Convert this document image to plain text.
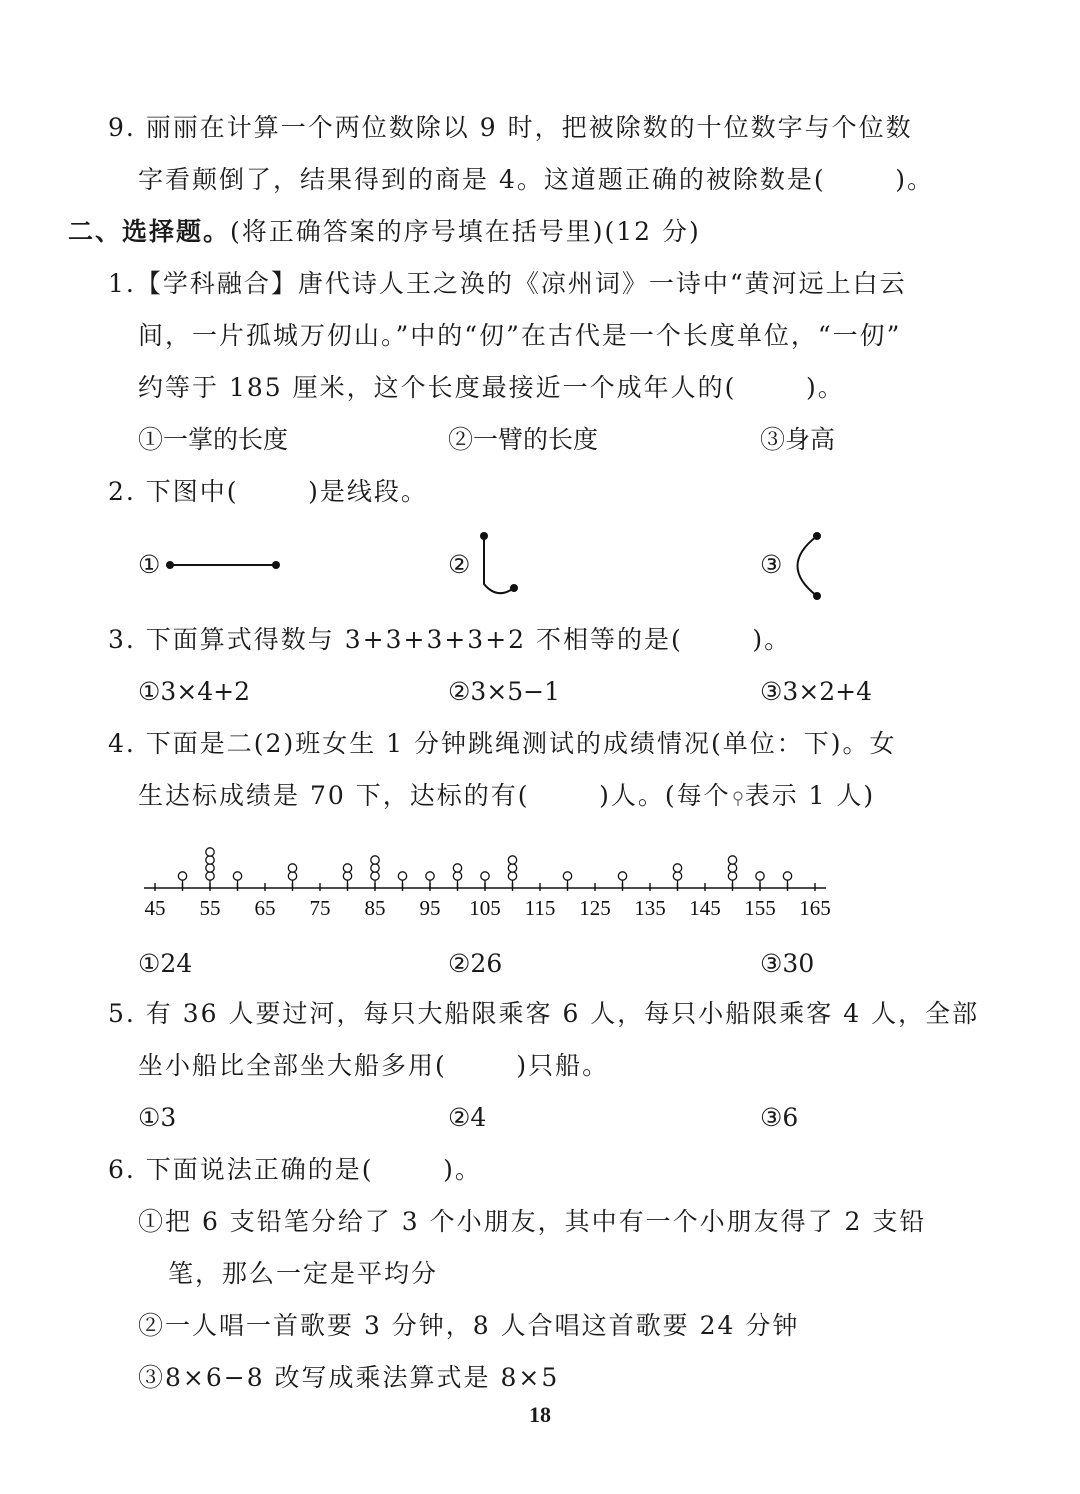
9. 丽丽在计算一个两位数除以 9 时，把被除数的十位数字与个位数
字看颠倒了，结果得到的商是 4。这道题正确的被除数是(       )。
二、选择题。(将正确答案的序号填在括号里)(12 分)
1.【学科融合】唐代诗人王之涣的《凉州词》一诗中“黄河远上白云
间，一片孤城万仞山。”中的“仞”在古代是一个长度单位，“一仞”
约等于 185 厘米，这个长度最接近一个成年人的(       )。
①一掌的长度	②一臂的长度	③身高
2. 下图中(       )是线段。
①	②	③
3. 下面算式得数与 3+3+3+3+2 不相等的是(       )。
①3×4+2	②3×5−1	③3×2+4
4. 下面是二(2)班女生 1 分钟跳绳测试的成绩情况(单位：下)。女
生达标成绩是 70 下，达标的有(       )人。(每个 表示 1 人)
45 55 65 75 85 95 105 115 125 135 145 155 165
①24	②26	③30
5. 有 36 人要过河，每只大船限乘客 6 人，每只小船限乘客 4 人，全部
坐小船比全部坐大船多用(       )只船。
①3	②4	③6
6. 下面说法正确的是(       )。
①把 6 支铅笔分给了 3 个小朋友，其中有一个小朋友得了 2 支铅
笔，那么一定是平均分
②一人唱一首歌要 3 分钟，8 人合唱这首歌要 24 分钟
③8×6−8 改写成乘法算式是 8×5
18
